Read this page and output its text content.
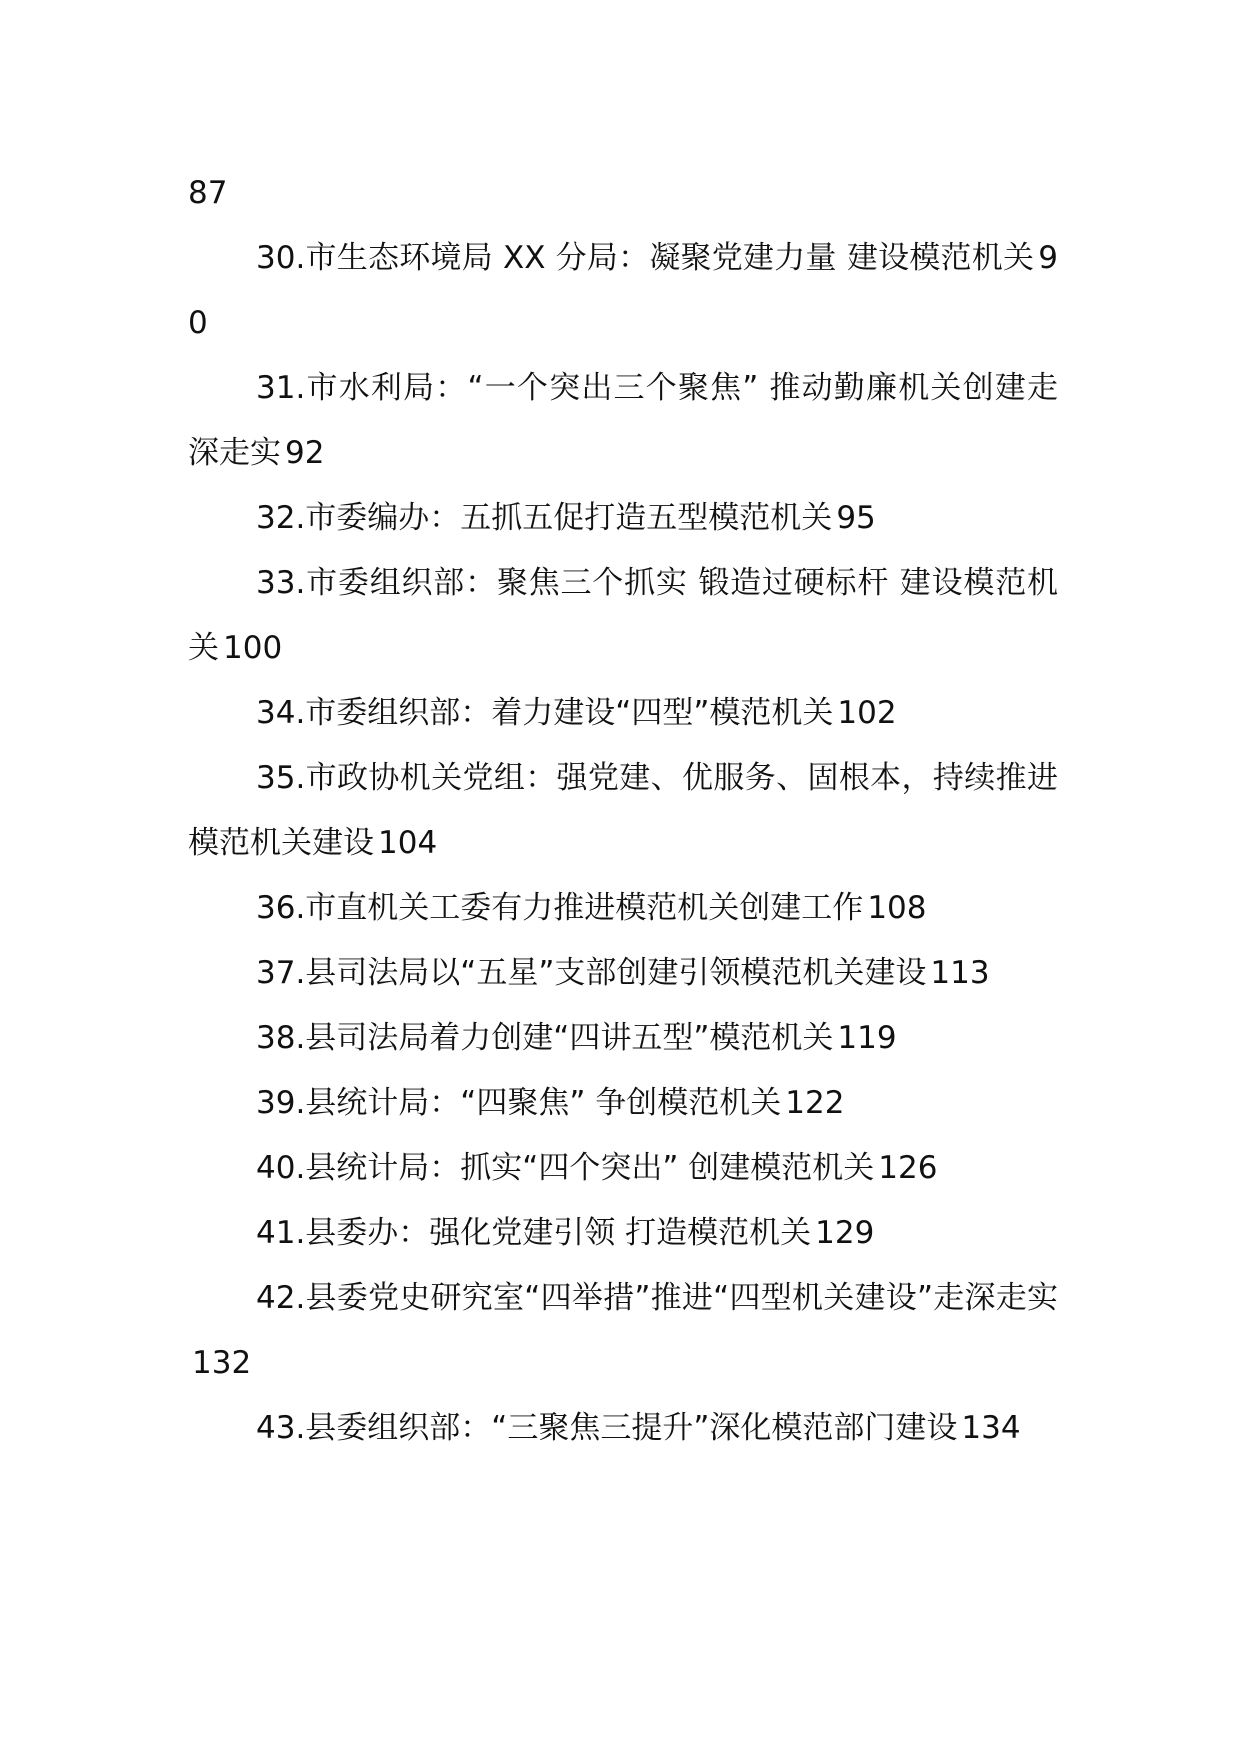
87

30.市生态环境局 XX 分局：凝聚党建力量 建设模范机关 90

31.市水利局：“一个突出三个聚焦” 推动勤廉机关创建走深走实 92

32.市委编办：五抓五促打造五型模范机关 95

33.市委组织部：聚焦三个抓实 锻造过硬标杆 建设模范机关 100

34.市委组织部：着力建设“四型”模范机关 102

35.市政协机关党组：强党建、优服务、固根本，持续推进模范机关建设 104

36.市直机关工委有力推进模范机关创建工作 108

37.县司法局以“五星”支部创建引领模范机关建设 113

38.县司法局着力创建“四讲五型”模范机关 119

39.县统计局：“四聚焦” 争创模范机关 122

40.县统计局：抓实“四个突出” 创建模范机关 126

41.县委办：强化党建引领 打造模范机关 129

42.县委党史研究室“四举措”推进“四型机关建设”走深走实132

43.县委组织部：“三聚焦三提升”深化模范部门建设 134
